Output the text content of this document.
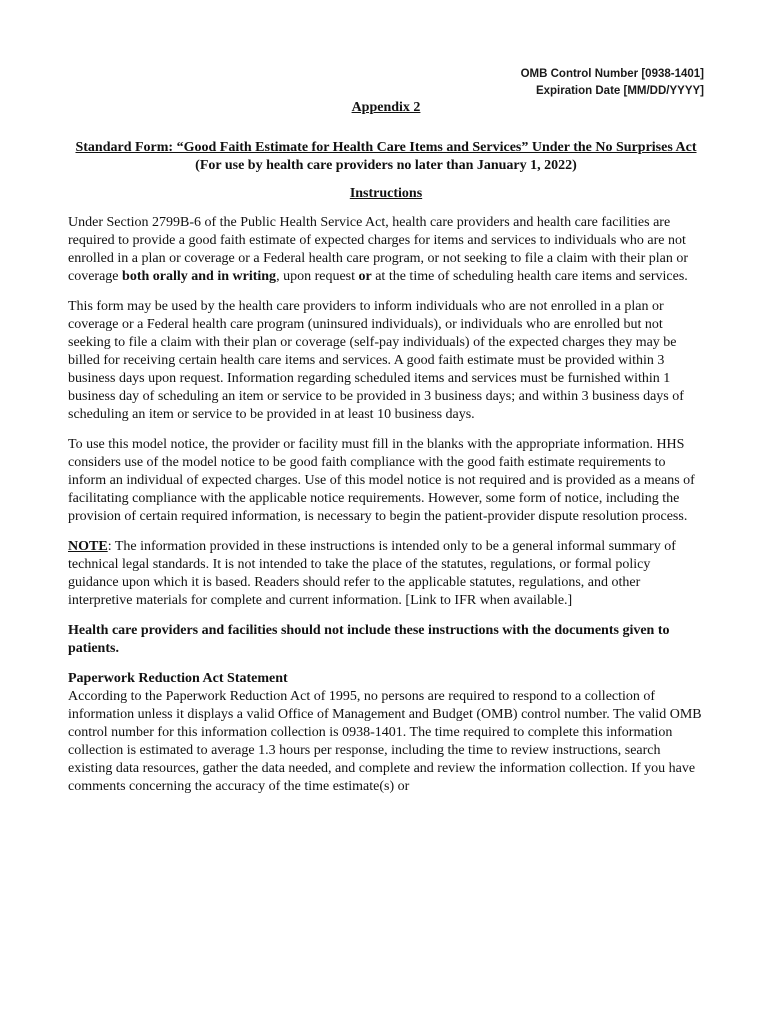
OMB Control Number [0938-1401]
Expiration Date [MM/DD/YYYY]
Appendix 2
Standard Form: “Good Faith Estimate for Health Care Items and Services” Under the No Surprises Act
(For use by health care providers no later than January 1, 2022)
Instructions

Under Section 2799B-6 of the Public Health Service Act, health care providers and health care facilities are required to provide a good faith estimate of expected charges for items and services to individuals who are not enrolled in a plan or coverage or a Federal health care program, or not seeking to file a claim with their plan or coverage both orally and in writing, upon request or at the time of scheduling health care items and services.

This form may be used by the health care providers to inform individuals who are not enrolled in a plan or coverage or a Federal health care program (uninsured individuals), or individuals who are enrolled but not seeking to file a claim with their plan or coverage (self-pay individuals) of the expected charges they may be billed for receiving certain health care items and services. A good faith estimate must be provided within 3 business days upon request. Information regarding scheduled items and services must be furnished within 1 business day of scheduling an item or service to be provided in 3 business days; and within 3 business days of scheduling an item or service to be provided in at least 10 business days.

To use this model notice, the provider or facility must fill in the blanks with the appropriate information. HHS considers use of the model notice to be good faith compliance with the good faith estimate requirements to inform an individual of expected charges. Use of this model notice is not required and is provided as a means of facilitating compliance with the applicable notice requirements. However, some form of notice, including the provision of certain required information, is necessary to begin the patient-provider dispute resolution process.

NOTE: The information provided in these instructions is intended only to be a general informal summary of technical legal standards. It is not intended to take the place of the statutes, regulations, or formal policy guidance upon which it is based. Readers should refer to the applicable statutes, regulations, and other interpretive materials for complete and current information. [Link to IFR when available.]

Health care providers and facilities should not include these instructions with the documents given to patients.

Paperwork Reduction Act Statement

According to the Paperwork Reduction Act of 1995, no persons are required to respond to a collection of information unless it displays a valid Office of Management and Budget (OMB) control number. The valid OMB control number for this information collection is 0938-1401. The time required to complete this information collection is estimated to average 1.3 hours per response, including the time to review instructions, search existing data resources, gather the data needed, and complete and review the information collection. If you have comments concerning the accuracy of the time estimate(s) or
